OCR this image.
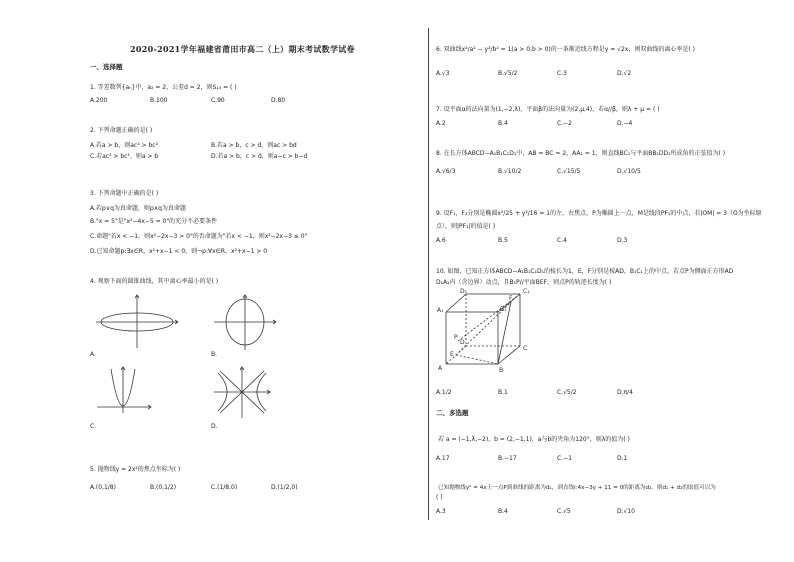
2020-2021学年福建省莆田市高二（上）期末考试数学试卷
一、选择题
1. 等差数列{aₙ}中，a₂ = 2，公差d = 2，则S₁₀ = ( )
A.200	B.100	C.90	D.80
2. 下列命题正确的是( )
A.若a > b，则ac² > bc²	B.若a > b，c > d，则ac > bd
C.若ac² > bc²，则a > b	D.若a > b，c > d，则a−c > b−d
3. 下列命题中正确的是( )
A.若p∨q为真命题，则p∧q为真命题
B."x = 5"是"x²−4x−5 = 0"的充分不必要条件
C.命题"若x < −1，则x²−2x−3 > 0"的否命题为"若x < −1，则x²−2x−3 ≤ 0"
D.已知命题p:∃x∈R，x²+x−1 < 0，则¬p:∀x∈R，x²+x−1 > 0
4. 观察下面的圆锥曲线，其中离心率最小的是( )
A.	B.
C.	D.
5. 抛物线y = 2x²的焦点坐标为( )
A.(0,1/8)	B.(0,1/2)	C.(1/8,0)	D.(1/2,0)
6. 双曲线x²/a² − y²/b² = 1(a > 0,b > 0)的一条渐近线方程是y = √2x，则双曲线的离心率是( )
A.√3	B.√5/2	C.3	D.√2
7. 设平面α的法向量为(1,−2,λ)，平面β的法向量为(2,μ,4)，若α//β，则λ + μ = ( )
A.2	B.4	C.−2	D.−4
8. 在长方体ABCD−A₁B₁C₁D₁中，AB = BC = 2，AA₁ = 1，则直线BC₁与平面BB₁DD₁所成角的正弦值为( )
A.√6/3	B.√10/2	C.√15/5	D.√10/5
9. 设F₁，F₂分别是椭圆x²/25 + y²/16 = 1的左，右焦点，P为椭圆上一点，M是线段PF₁的中点，若|OM| = 3（O为坐标原
点），则|PF₁|的值是( )
A.6	B.5	C.4	D.3
10. 如图，已知正方体ABCD−A₁B₁C₁D₁的棱长为1，E，F分别是棱AD，B₁C₁上的中点，若点P为侧面正方形AD
D₁A₁内（含边界）动点，且B₁P//平面BEF，则点P的轨迹长度为( )
D₁	C₁
A₁	B₁
F
D
C
E
P
A	B
A.1/2	B.1	C.√5/2	D.π/4
二、多选题
若 a = (−1,λ,−2)，b = (2,−1,1)，a与b的夹角为120°，则λ的值为( )
A.17	B.−17	C.−1	D.1
已知抛物线y² = 4x上一点P到准线的距离为d₁，到直线l:4x−3y + 11 = 0的距离为d₂，则d₁ + d₂的取值可以为
( )
A.3	B.4	C.√5	D.√10
